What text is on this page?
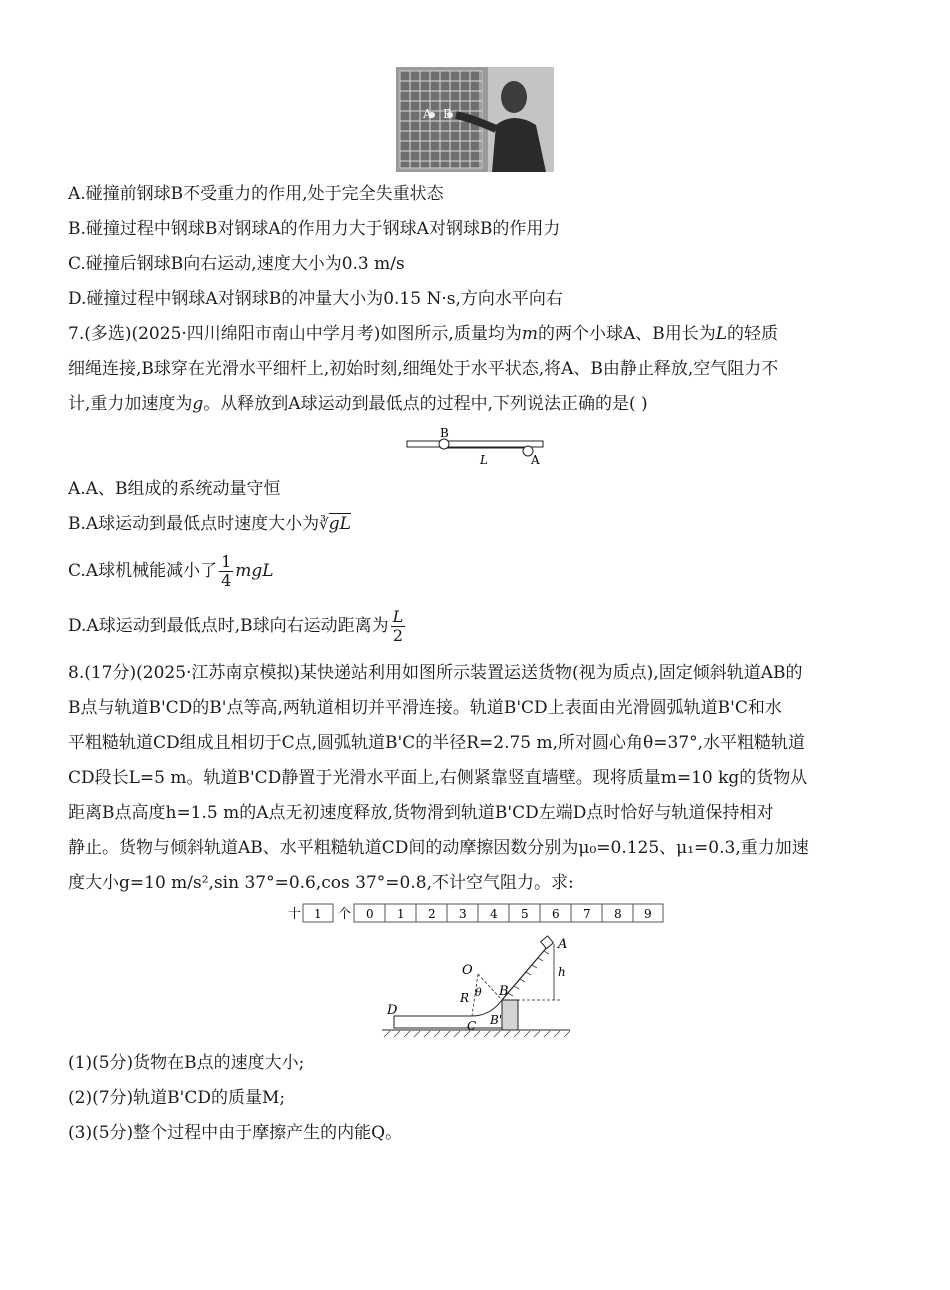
A B
A.碰撞前钢球B不受重力的作用,处于完全失重状态
B.碰撞过程中钢球B对钢球A的作用力大于钢球A对钢球B的作用力
C.碰撞后钢球B向右运动,速度大小为0.3 m/s
D.碰撞过程中钢球A对钢球B的冲量大小为0.15 N·s,方向水平向右
7.(多选)(2025·四川绵阳市南山中学月考)如图所示,质量均为m的两个小球A、B用长为L的轻质
细绳连接,B球穿在光滑水平细杆上,初始时刻,细绳处于水平状态,将A、B由静止释放,空气阻力不
计,重力加速度为g。从释放到A球运动到最低点的过程中,下列说法正确的是( )
B
L	A
A.A、B组成的系统动量守恒
B.A球运动到最低点时速度大小为$∛\overline{gL}$
C.A球机械能减小了 $\frac{1}{4}$ mgL
D.A球运动到最低点时,B球向右运动距离为 $\frac{L}{2}$
8.(17分)(2025·江苏南京模拟)某快递站利用如图所示装置运送货物(视为质点),固定倾斜轨道AB的
B点与轨道B'CD的B'点等高,两轨道相切并平滑连接。轨道B'CD上表面由光滑圆弧轨道B'C和水
平粗糙轨道CD组成且相切于C点,圆弧轨道B'C的半径R=2.75 m,所对圆心角θ=37°,水平粗糙轨道
CD段长L=5 m。轨道B'CD静置于光滑水平面上,右侧紧靠竖直墙壁。现将质量m=10 kg的货物从
距离B点高度h=1.5 m的A点无初速度释放,货物滑到轨道B'CD左端D点时恰好与轨道保持相对
静止。货物与倾斜轨道AB、水平粗糙轨道CD间的动摩擦因数分别为μ₀=0.125、μ₁=0.3,重力加速
度大小g=10 m/s²,sin 37°=0.6,cos 37°=0.8,不计空气阻力。求:
十 1 个 0 1 2 3 4 5 6 7 8 9
A
h
O
θ
R B
B'
C
D
(1)(5分)货物在B点的速度大小;
(2)(7分)轨道B'CD的质量M;
(3)(5分)整个过程中由于摩擦产生的内能Q。
